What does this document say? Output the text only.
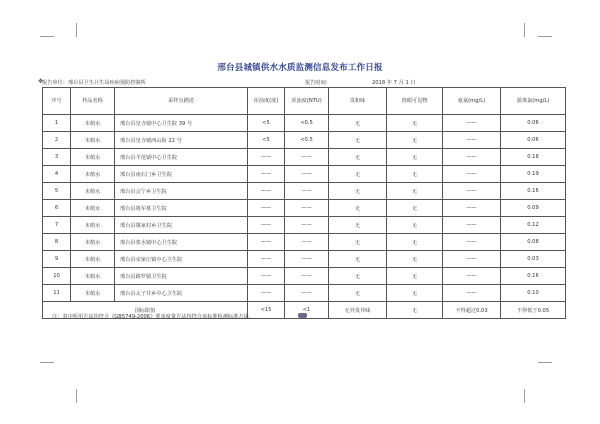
邢台县城镇供水水质监测信息发布工作日报
✥
报告单位：邢台县卫生计生局疾病预防控制所	报告时间：	2018 年 7 月 1 日
序号	样品名称	采样点描述	浑浊度(度)	浑浊度(NTU)	臭和味	肉眼可见物	氨氮(mg/L)	游离氯(mg/L)
1	末梢水	邢台县皇寺镇中心卫生院 39 号	<5	<0.5	无	无	——	0.06
2	末梢水	邢台县皇寺镇西山街 22 号	<5	<0.5	无	无	——	0.06
3	末梢水	邢台县羊范镇中心卫生院	——	——	无	无	——	0.18
4	末梢水	邢台县南石门乡卫生院	——	——	无	无	——	0.19
5	末梢水	邢台县会宁乡卫生院	——	——	无	无	——	0.16
6	末梢水	邢台县将军墓卫生院	——	——	无	无	——	0.09
7	末梢水	邢台县冀家村乡卫生院	——	——	无	无	——	0.12
8	末梢水	邢台县浆水镇中心卫生院	——	——	无	无	——	0.08
9	末梢水	邢台县宋家庄镇中心卫生院	——	——	无	无	——	0.03
10	末梢水	邢台县路罗镇卫生院	——	——	无	无	——	0.16
11	末梢水	邢台县太子井乡中心卫生院	——	——	无	无	——	0.10
国标限值			<15	<1	无异臭异味	无	不得超过0.03	不得低于0.05
注：表中所用方法均符合《GB5749-2006》要求度量方法均符合该标准检测标准方法。
